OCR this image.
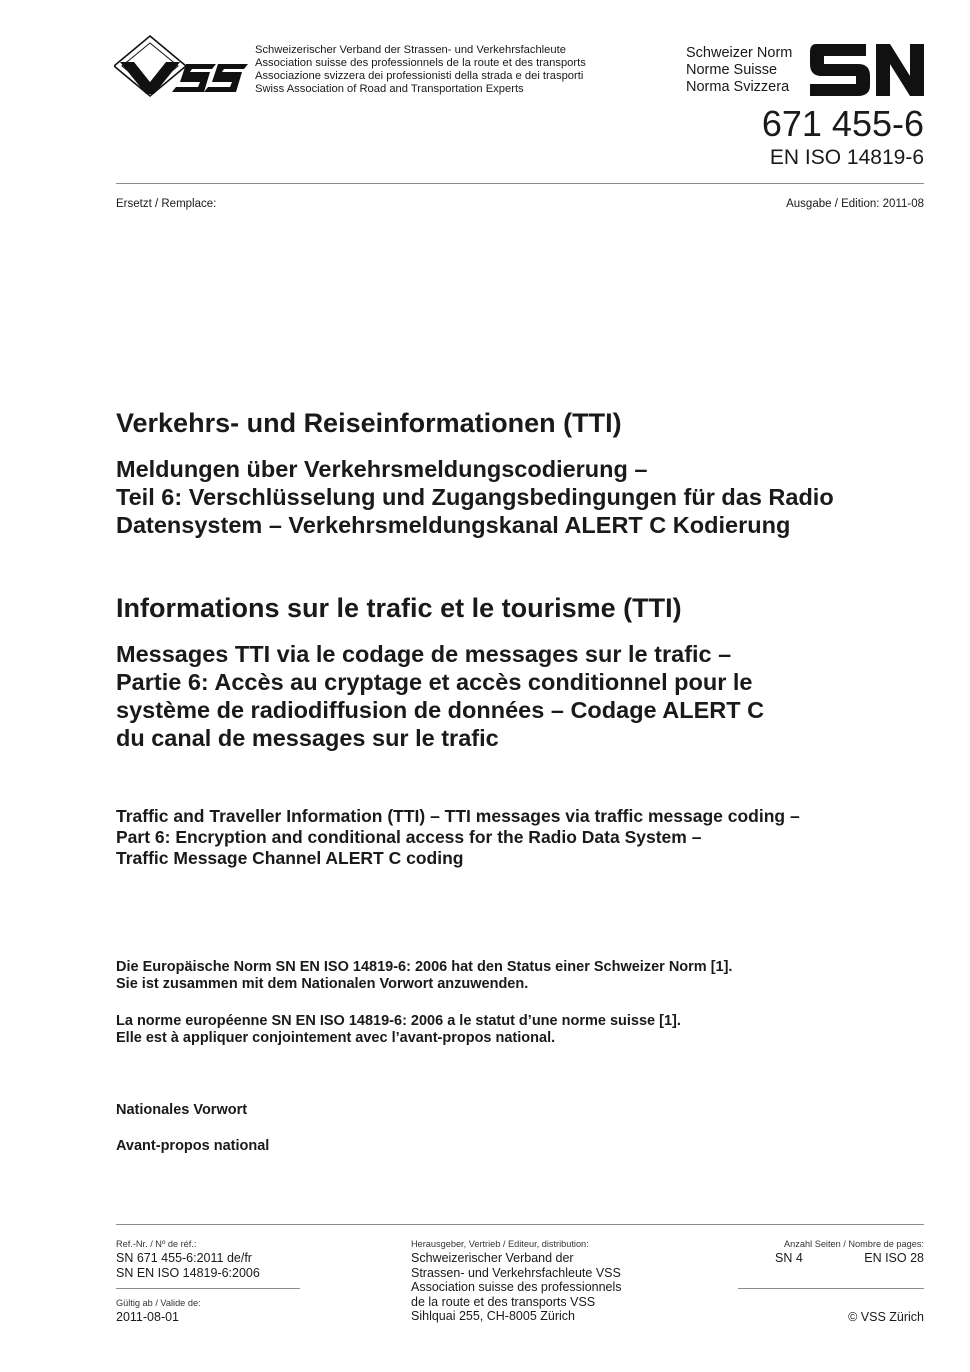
Schweizerischer Verband der Strassen- und Verkehrsfachleute
Association suisse des professionnels de la route et des transports
Associazione svizzera dei professionisti della strada e dei trasporti
Swiss Association of Road and Transportation Experts
Schweizer Norm
Norme Suisse
Norma Svizzera
671 455-6
EN ISO 14819-6
Ersetzt / Remplace:	Ausgabe / Edition: 2011-08
Verkehrs- und Reiseinformationen (TTI)
Meldungen über Verkehrsmeldungscodierung –
Teil 6: Verschlüsselung und Zugangsbedingungen für das Radio
Datensystem – Verkehrsmeldungskanal ALERT C Kodierung
Informations sur le trafic et le tourisme (TTI)
Messages TTI via le codage de messages sur le trafic –
Partie 6: Accès au cryptage et accès conditionnel pour le
système de radiodiffusion de données – Codage ALERT C
du canal de messages sur le trafic
Traffic and Traveller Information (TTI) – TTI messages via traffic message coding –
Part 6: Encryption and conditional access for the Radio Data System –
Traffic Message Channel ALERT C coding
Die Europäische Norm SN EN ISO 14819-6: 2006 hat den Status einer Schweizer Norm [1].
Sie ist zusammen mit dem Nationalen Vorwort anzuwenden.
La norme européenne SN EN ISO 14819-6: 2006 a le statut d’une norme suisse [1].
Elle est à appliquer conjointement avec l’avant-propos national.
Nationales Vorwort
Avant-propos national
Ref.-Nr. / Nº de réf.:
SN 671 455-6:2011 de/fr
SN EN ISO 14819-6:2006
Gültig ab / Valide de:
2011-08-01
Herausgeber, Vertrieb / Editeur, distribution:
Schweizerischer Verband der
Strassen- und Verkehrsfachleute VSS
Association suisse des professionnels
de la route et des transports VSS
Sihlquai 255, CH-8005 Zürich
Anzahl Seiten / Nombre de pages:
SN 4	EN ISO 28
© VSS Zürich
